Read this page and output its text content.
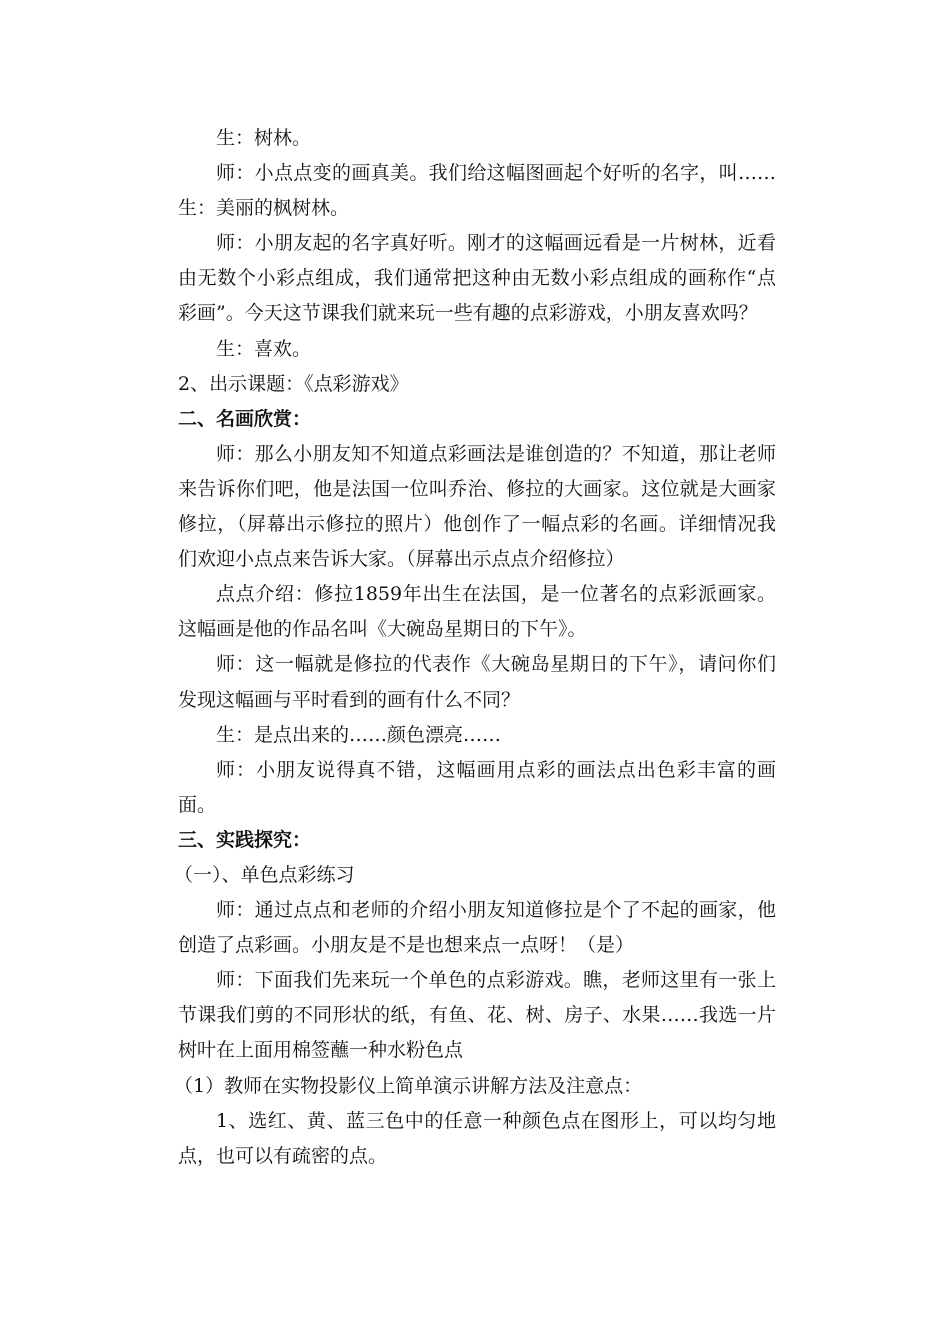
生：树林。

师：小点点变的画真美。我们给这幅图画起个好听的名字，叫……生：美丽的枫树林。

师：小朋友起的名字真好听。刚才的这幅画远看是一片树林，近看由无数个小彩点组成，我们通常把这种由无数小彩点组成的画称作“点彩画”。今天这节课我们就来玩一些有趣的点彩游戏，小朋友喜欢吗？

生：喜欢。

2、出示课题：《点彩游戏》

二、名画欣赏：

师：那么小朋友知不知道点彩画法是谁创造的？不知道，那让老师来告诉你们吧，他是法国一位叫乔治、修拉的大画家。这位就是大画家修拉，（屏幕出示修拉的照片）他创作了一幅点彩的名画。详细情况我们欢迎小点点来告诉大家。（屏幕出示点点介绍修拉）

点点介绍：修拉1859年出生在法国，是一位著名的点彩派画家。这幅画是他的作品名叫《大碗岛星期日的下午》。

师：这一幅就是修拉的代表作《大碗岛星期日的下午》，请问你们发现这幅画与平时看到的画有什么不同？

生：是点出来的……颜色漂亮……

师：小朋友说得真不错，这幅画用点彩的画法点出色彩丰富的画面。

三、实践探究：

（一）、单色点彩练习

师：通过点点和老师的介绍小朋友知道修拉是个了不起的画家，他创造了点彩画。小朋友是不是也想来点一点呀！（是）

师：下面我们先来玩一个单色的点彩游戏。瞧，老师这里有一张上节课我们剪的不同形状的纸，有鱼、花、树、房子、水果……我选一片树叶在上面用棉签蘸一种水粉色点

（1）教师在实物投影仪上简单演示讲解方法及注意点：

1、选红、黄、蓝三色中的任意一种颜色点在图形上，可以均匀地点，也可以有疏密的点。
